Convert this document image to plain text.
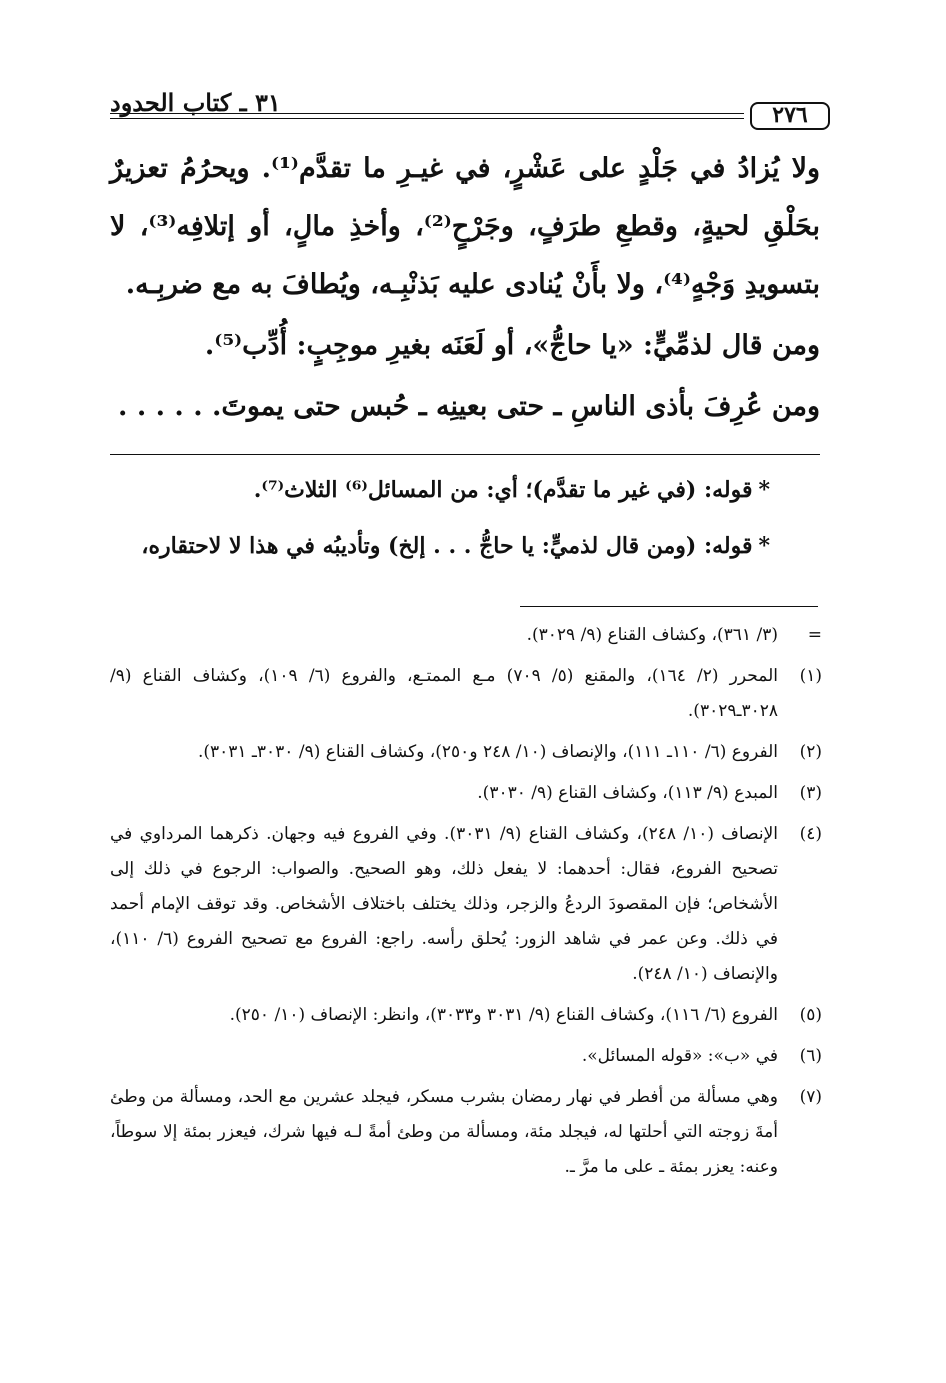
٣١ ـ كتاب الحدود	٢٧٦

ولا يُزادُ في جَلْدٍ على عَشْرٍ، في غيـرِ ما تقدَّم⁽¹⁾. ويحرُمُ تعزيرٌ بحَلْقِ لحيةٍ، وقطعِ طرَفٍ، وجَرْحٍ⁽²⁾، وأخذِ مالٍ، أو إتلافِه⁽³⁾، لا بتسويدِ وَجْهٍ⁽⁴⁾، ولا بأَنْ يُنادى عليه بَذنْبِـه، ويُطافَ به مع ضربِـه.

ومن قال لذمِّيٍّ: «يا حاجُّ»، أو لَعَنَه بغيرِ موجِبٍ: أُدِّب⁽⁵⁾.

ومن عُرِفَ بأذى الناسِ ـ حتى بعينِه ـ حُبس حتى يموتَ. . . . . .

*قوله: (في غير ما تقدَّم)؛ أي: من المسائل⁽⁶⁾ الثلاث⁽⁷⁾.

*قوله: (ومن قال لذميٍّ: يا حاجُّ . . . إلخ) وتأديبُه في هذا لا لاحتقاره،

=
(٣/ ٣٦١)، وكشاف القناع (٩/ ٣٠٢٩).
(١)
المحرر (٢/ ١٦٤)، والمقنع (٥/ ٧٠٩) مـع الممتـع، والفروع (٦/ ١٠٩)، وكشاف القناع (٩/ ٣٠٢٨ـ٣٠٢٩).
(٢)
الفروع (٦/ ١١٠ـ ١١١)، والإنصاف (١٠/ ٢٤٨ و٢٥٠)، وكشاف القناع (٩/ ٣٠٣٠ـ ٣٠٣١).
(٣)
المبدع (٩/ ١١٣)، وكشاف القناع (٩/ ٣٠٣٠).
(٤)
الإنصاف (١٠/ ٢٤٨)، وكشاف القناع (٩/ ٣٠٣١). وفي الفروع فيه وجهان. ذكرهما المرداوي في تصحيح الفروع، فقال: أحدهما: لا يفعل ذلك، وهو الصحيح. والصواب: الرجوع في ذلك إلى الأشخاص؛ فإن المقصودَ الردعُ والزجر، وذلك يختلف باختلاف الأشخاص. وقد توقف الإمام أحمد في ذلك. وعن عمر في شاهد الزور: يُحلق رأسه. راجع: الفروع مع تصحيح الفروع (٦/ ١١٠)، والإنصاف (١٠/ ٢٤٨).
(٥)
الفروع (٦/ ١١٦)، وكشاف القناع (٩/ ٣٠٣١ و٣٠٣٣)، وانظر: الإنصاف (١٠/ ٢٥٠).
(٦)
في «ب»: «قوله المسائل».
(٧)
وهي مسألة من أفطر في نهار رمضان بشرب مسكر، فيجلد عشرين مع الحد، ومسألة من وطئ أمةَ زوجته التي أحلتها له، فيجلد مئة، ومسألة من وطئ أمةً لـه فيها شرك، فيعزر بمئة إلا سوطاً، وعنه: يعزر بمئة ـ على ما مرَّ ـ.
